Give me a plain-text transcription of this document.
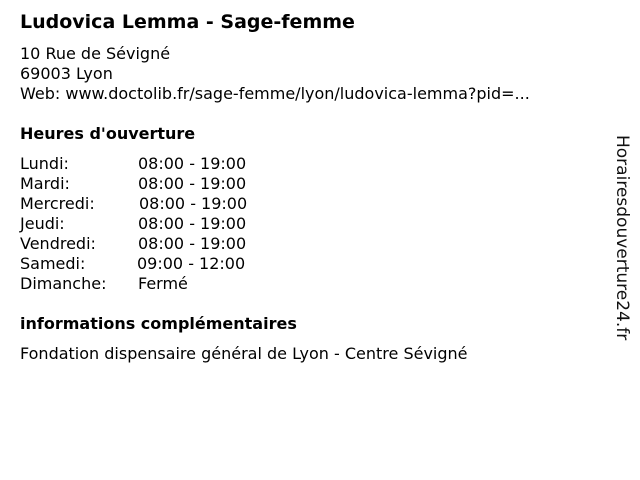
Ludovica Lemma - Sage-femme
10 Rue de Sévigné
69003 Lyon
Web: www.doctolib.fr/sage-femme/lyon/ludovica-lemma?pid=...
Heures d'ouverture
Lundi:	08:00 - 19:00
Mardi:	08:00 - 19:00
Mercredi:	08:00 - 19:00
Jeudi:	08:00 - 19:00
Vendredi:	08:00 - 19:00
Samedi:	09:00 - 12:00
Dimanche: Fermé
informations complémentaires
Fondation dispensaire général de Lyon - Centre Sévigné
Horairesdouverture24.fr
